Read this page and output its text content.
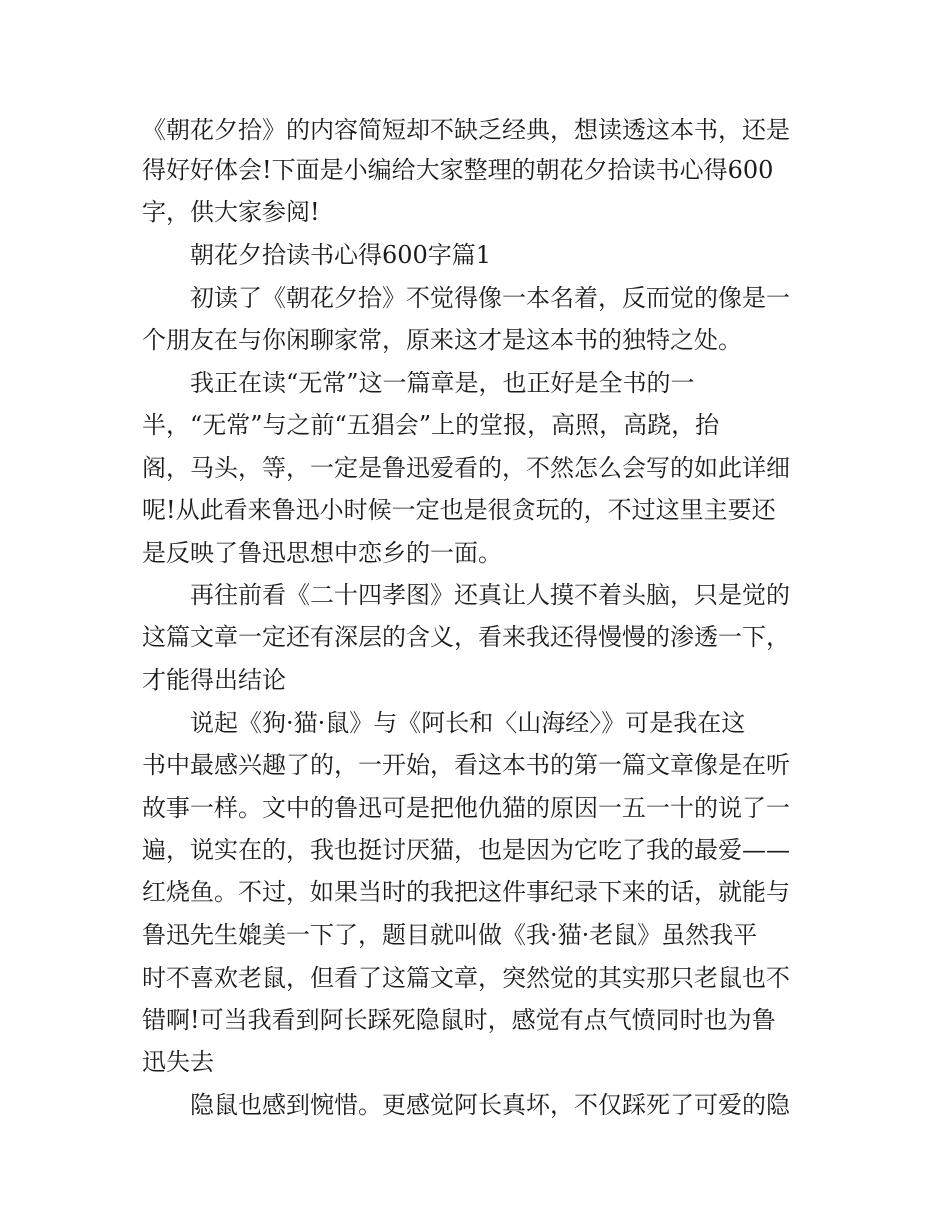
《朝花夕拾》的内容简短却不缺乏经典，想读透这本书，还是
得好好体会!下面是小编给大家整理的朝花夕拾读书心得600
字，供大家参阅!
朝花夕拾读书心得600字篇1
初读了《朝花夕拾》不觉得像一本名着，反而觉的像是一
个朋友在与你闲聊家常，原来这才是这本书的独特之处。
我正在读“无常”这一篇章是，也正好是全书的一
半，“无常”与之前“五猖会”上的堂报，高照，高跷，抬
阁，马头，等，一定是鲁迅爱看的，不然怎么会写的如此详细
呢!从此看来鲁迅小时候一定也是很贪玩的，不过这里主要还
是反映了鲁迅思想中恋乡的一面。
再往前看《二十四孝图》还真让人摸不着头脑，只是觉的
这篇文章一定还有深层的含义，看来我还得慢慢的渗透一下，
才能得出结论
说起《狗·猫·鼠》与《阿长和〈山海经〉》可是我在这
书中最感兴趣了的，一开始，看这本书的第一篇文章像是在听
故事一样。文中的鲁迅可是把他仇猫的原因一五一十的说了一
遍，说实在的，我也挺讨厌猫，也是因为它吃了我的最爱——
红烧鱼。不过，如果当时的我把这件事纪录下来的话，就能与
鲁迅先生媲美一下了，题目就叫做《我·猫·老鼠》虽然我平
时不喜欢老鼠，但看了这篇文章，突然觉的其实那只老鼠也不
错啊!可当我看到阿长踩死隐鼠时，感觉有点气愤同时也为鲁
迅失去
隐鼠也感到惋惜。更感觉阿长真坏，不仅踩死了可爱的隐
